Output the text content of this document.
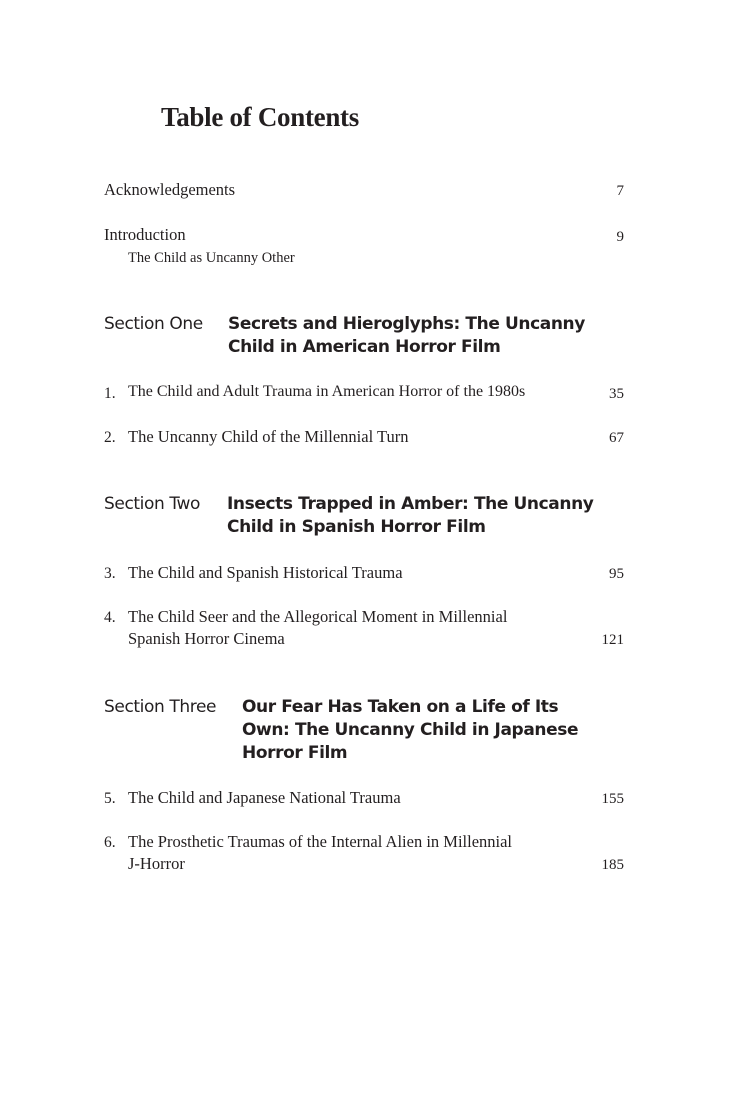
Table of Contents
Acknowledgements	7
Introduction	9
The Child as Uncanny Other
Section One Secrets and Hieroglyphs: The Uncanny
Child in American Horror Film
1. The Child and Adult Trauma in American Horror of the 1980s	35
2. The Uncanny Child of the Millennial Turn	67
Section Two Insects Trapped in Amber: The Uncanny
Child in Spanish Horror Film
3. The Child and Spanish Historical Trauma	95
4. The Child Seer and the Allegorical Moment in Millennial
Spanish Horror Cinema	121
Section Three Our Fear Has Taken on a Life of Its
Own: The Uncanny Child in Japanese
Horror Film
5. The Child and Japanese National Trauma	155
6. The Prosthetic Traumas of the Internal Alien in Millennial
J-Horror	185
